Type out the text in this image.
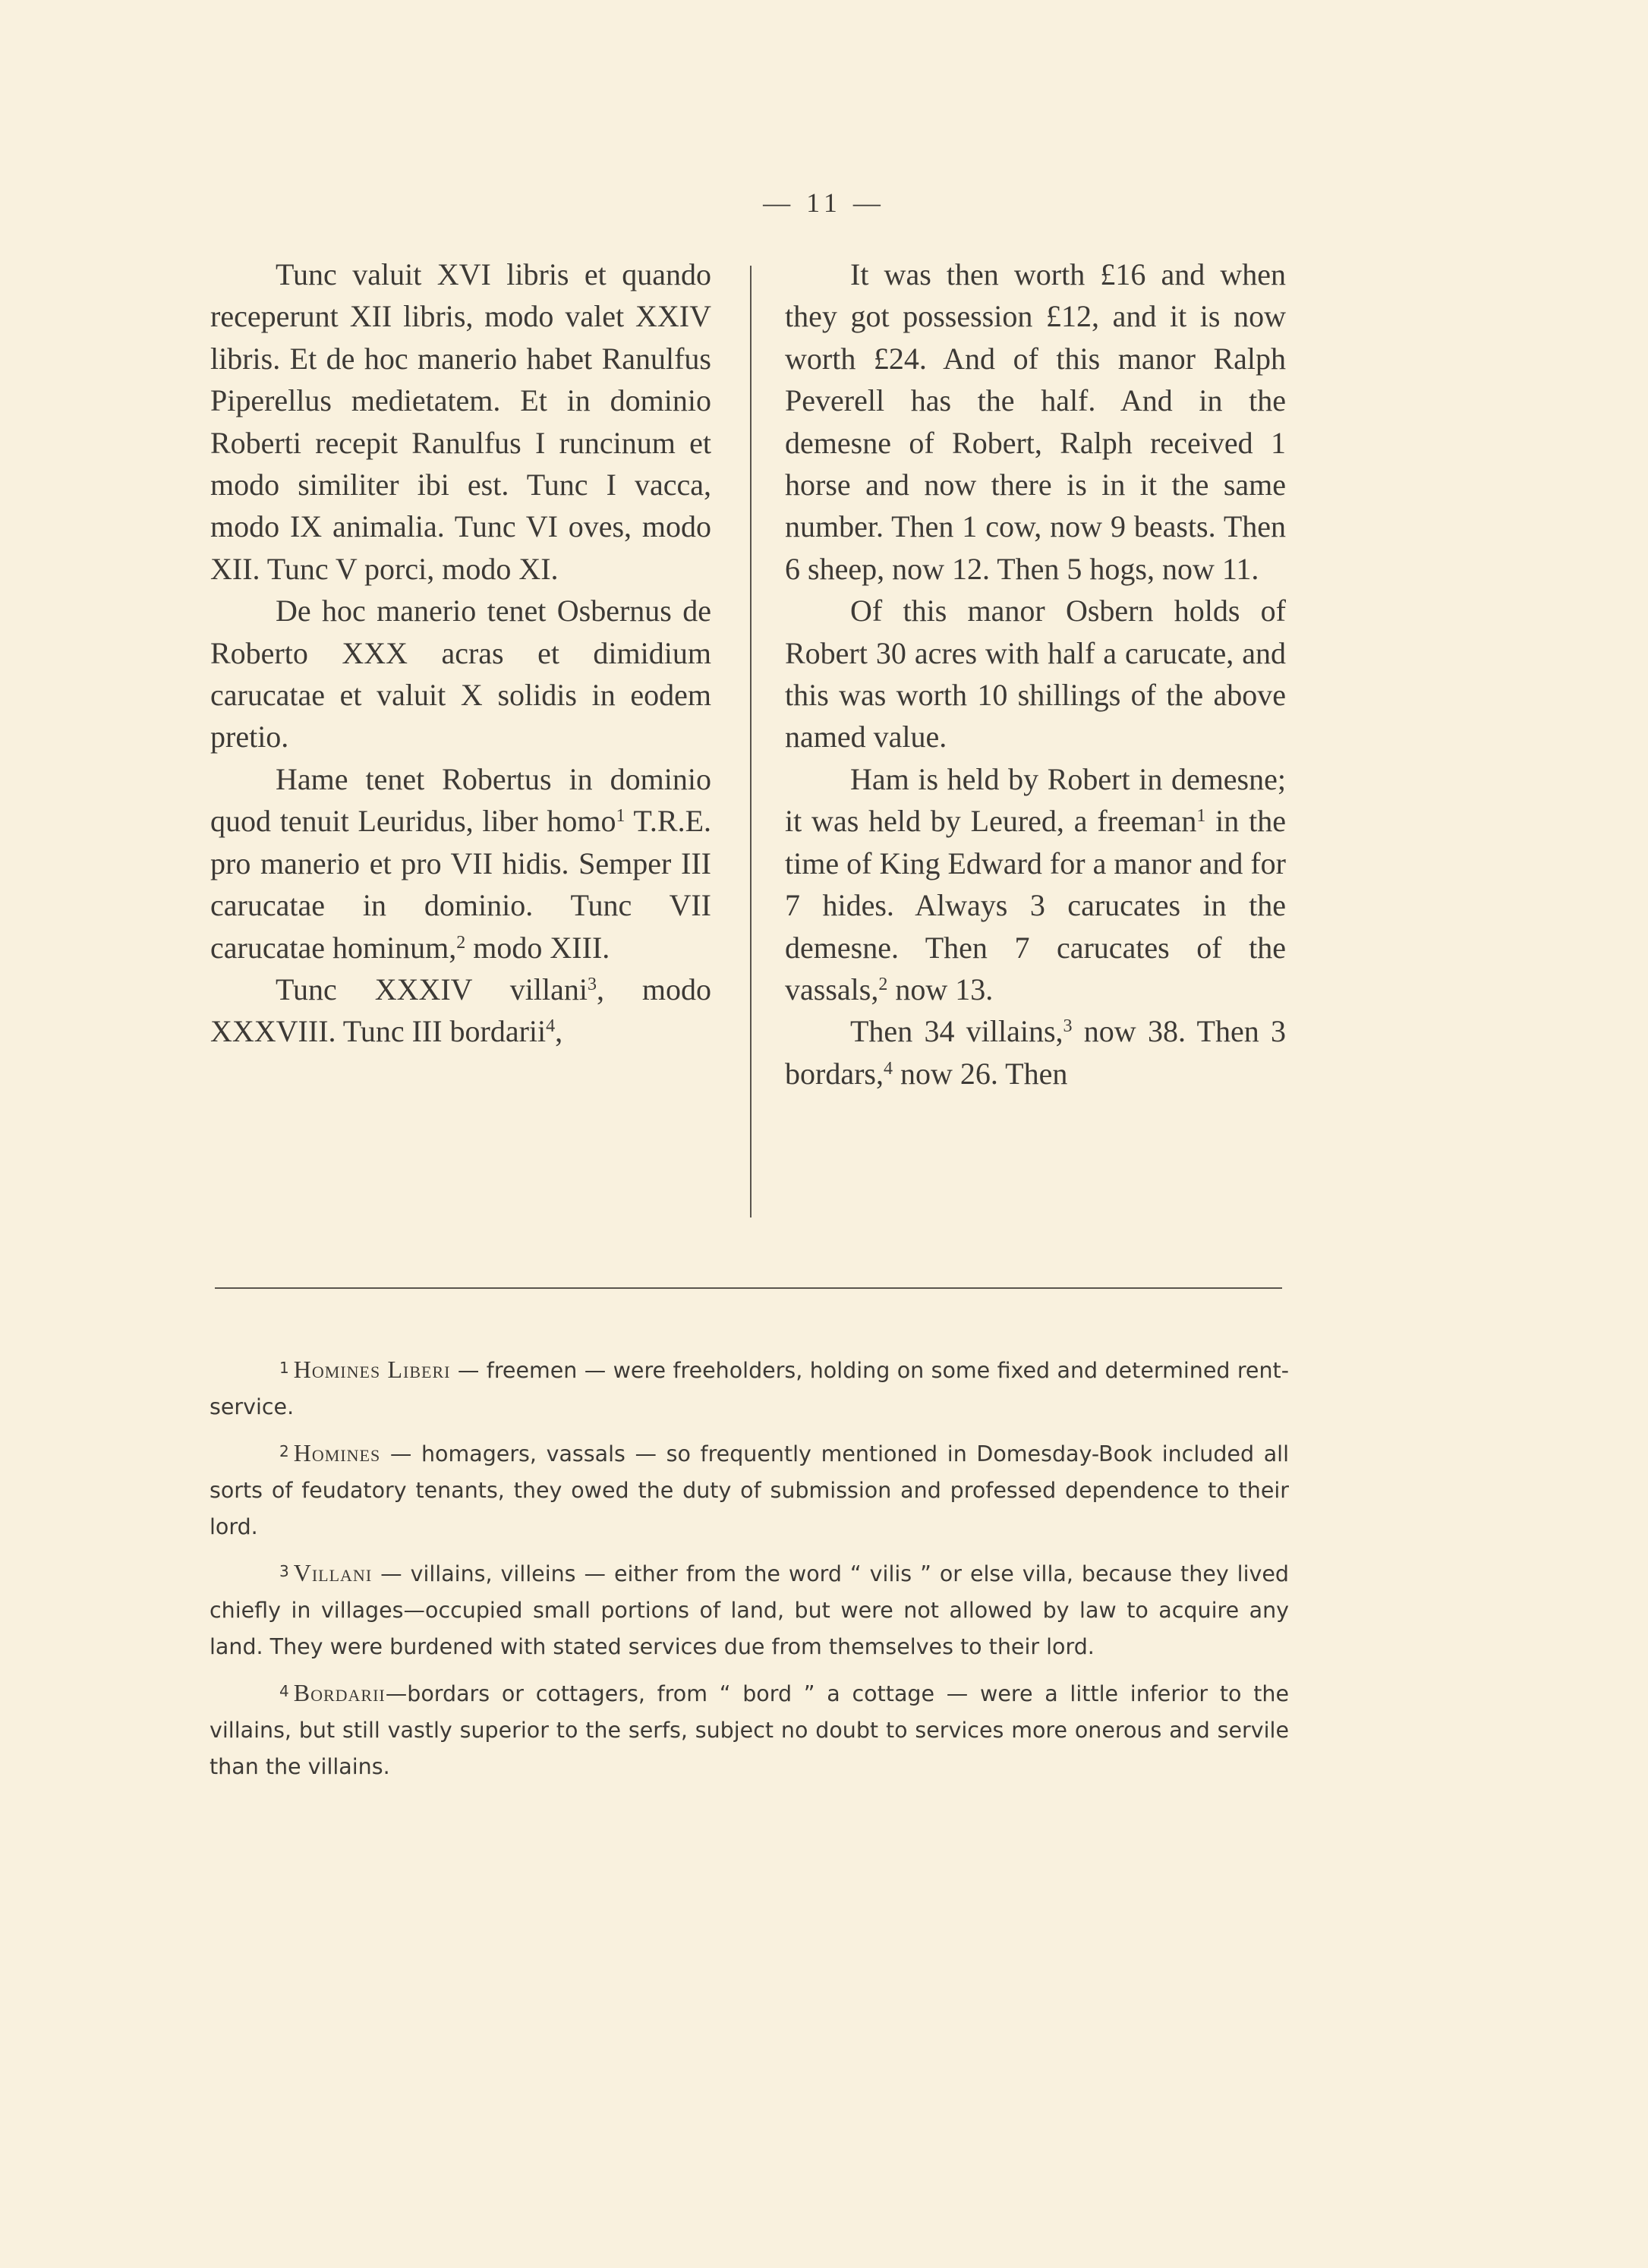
— 11 —

Tunc valuit XVI libris et quando receperunt XII libris, modo valet XXIV libris. Et de hoc manerio habet Ranulfus Piperellus medietatem. Et in dominio Roberti recepit Ranulfus I runcinum et modo similiter ibi est. Tunc I vacca, modo IX animalia. Tunc VI oves, modo XII. Tunc V porci, modo XI.

De hoc manerio tenet Osbernus de Roberto XXX acras et dimidium carucatae et valuit X solidis in eodem pretio.

Hame tenet Robertus in dominio quod tenuit Leuridus, liber homo$^1$ T.R.E. pro manerio et pro VII hidis. Semper III carucatae in dominio. Tunc VII carucatae hominum,$^2$ modo XIII.

Tunc XXXIV villani$^3$, modo XXXVIII. Tunc III bordarii$^4$,

It was then worth £16 and when they got possession £12, and it is now worth £24. And of this manor Ralph Peverell has the half. And in the demesne of Robert, Ralph received 1 horse and now there is in it the same number. Then 1 cow, now 9 beasts. Then 6 sheep, now 12. Then 5 hogs, now 11.

Of this manor Osbern holds of Robert 30 acres with half a carucate, and this was worth 10 shillings of the above named value.

Ham is held by Robert in demesne; it was held by Leured, a freeman$^1$ in the time of King Edward for a manor and for 7 hides. Always 3 carucates in the demesne. Then 7 carucates of the vassals,$^2$ now 13.

Then 34 villains,$^3$ now 38. Then 3 bordars,$^4$ now 26. Then

$^1$ Homines Liberi — freemen — were freeholders, holding on some fixed and determined rent-service.

$^2$ Homines — homagers, vassals — so frequently mentioned in Domesday-Book included all sorts of feudatory tenants, they owed the duty of submission and professed dependence to their lord.

$^3$ Villani — villains, villeins — either from the word “ vilis ” or else villa, because they lived chiefly in villages—occupied small portions of land, but were not allowed by law to acquire any land. They were burdened with stated services due from themselves to their lord.

$^4$ Bordarii—bordars or cottagers, from “ bord ” a cottage — were a little inferior to the villains, but still vastly superior to the serfs, subject no doubt to services more onerous and servile than the villains.
